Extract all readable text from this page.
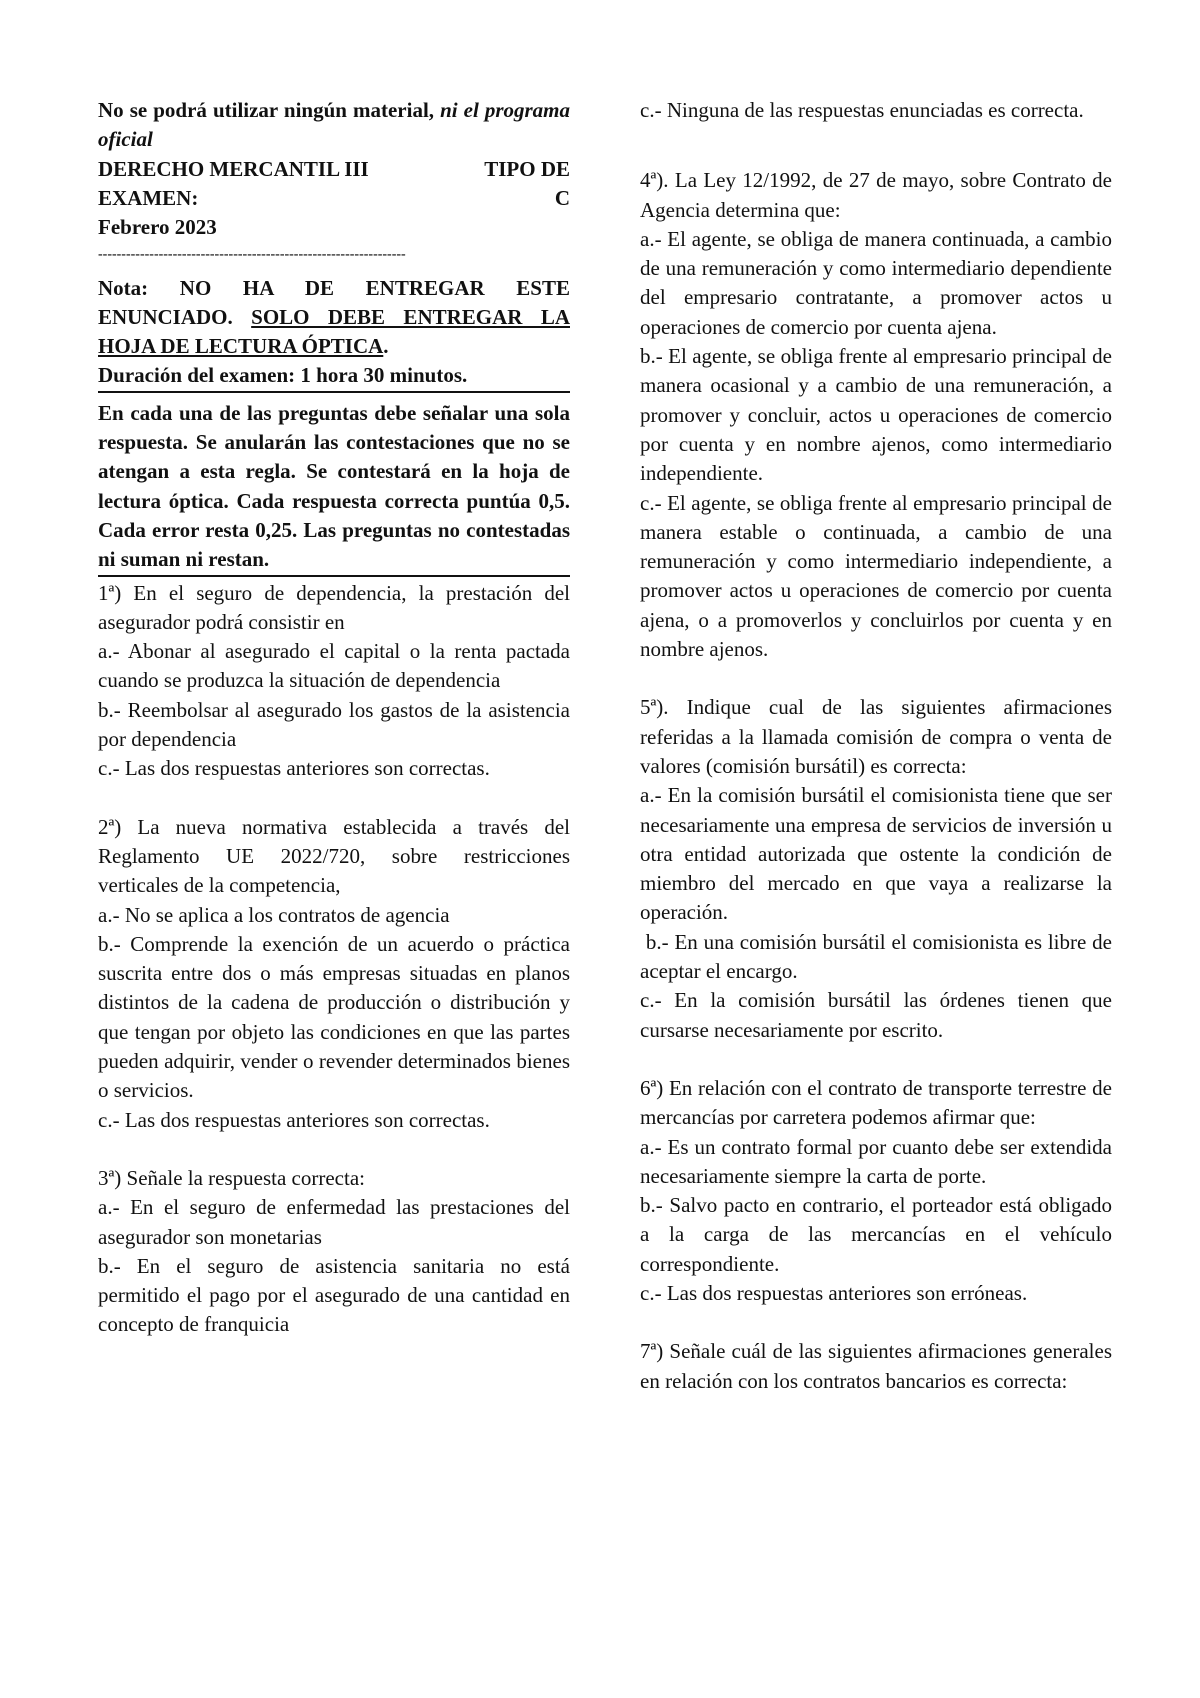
No se podrá utilizar ningún material, ni el programa oficial

DERECHO MERCANTIL III	TIPO DE
EXAMEN:	C

Febrero 2023

------------------------------------------------------------------

Nota: NO HA DE ENTREGAR ESTE ENUNCIADO. SOLO DEBE ENTREGAR LA HOJA DE LECTURA ÓPTICA.

Duración del examen: 1 hora 30 minutos.

En cada una de las preguntas debe señalar una sola respuesta. Se anularán las contestaciones que no se atengan a esta regla. Se contestará en la hoja de lectura óptica. Cada respuesta correcta puntúa 0,5. Cada error resta 0,25. Las preguntas no contestadas ni suman ni restan.

1ª) En el seguro de dependencia, la prestación del asegurador podrá consistir en

a.- Abonar al asegurado el capital o la renta pactada cuando se produzca la situación de dependencia

b.- Reembolsar al asegurado los gastos de la asistencia por dependencia

c.- Las dos respuestas anteriores son correctas.

2ª) La nueva normativa establecida a través del Reglamento UE 2022/720, sobre restricciones verticales de la competencia,

a.- No se aplica a los contratos de agencia

b.- Comprende la exención de un acuerdo o práctica suscrita entre dos o más empresas situadas en planos distintos de la cadena de producción o distribución y que tengan por objeto las condiciones en que las partes pueden adquirir, vender o revender determinados bienes o servicios.

c.- Las dos respuestas anteriores son correctas.

3ª) Señale la respuesta correcta:

a.- En el seguro de enfermedad las prestaciones del asegurador son monetarias

b.- En el seguro de asistencia sanitaria no está permitido el pago por el asegurado de una cantidad en concepto de franquicia

c.- Ninguna de las respuestas enunciadas es correcta.

4ª). La Ley 12/1992, de 27 de mayo, sobre Contrato de Agencia determina que:

a.- El agente, se obliga de manera continuada, a cambio de una remuneración y como intermediario dependiente del empresario contratante, a promover actos u operaciones de comercio por cuenta ajena.

b.- El agente, se obliga frente al empresario principal de manera ocasional y a cambio de una remuneración, a promover y concluir, actos u operaciones de comercio por cuenta y en nombre ajenos, como intermediario independiente.

c.- El agente, se obliga frente al empresario principal de manera estable o continuada, a cambio de una remuneración y como intermediario independiente, a promover actos u operaciones de comercio por cuenta ajena, o a promoverlos y concluirlos por cuenta y en nombre ajenos.

5ª). Indique cual de las siguientes afirmaciones referidas a la llamada comisión de compra o venta de valores (comisión bursátil) es correcta:

a.- En la comisión bursátil el comisionista tiene que ser necesariamente una empresa de servicios de inversión u otra entidad autorizada que ostente la condición de miembro del mercado en que vaya a realizarse la operación.

b.- En una comisión bursátil el comisionista es libre de aceptar el encargo.

c.- En la comisión bursátil las órdenes tienen que cursarse necesariamente por escrito.

6ª) En relación con el contrato de transporte terrestre de mercancías por carretera podemos afirmar que:

a.- Es un contrato formal por cuanto debe ser extendida necesariamente siempre la carta de porte.

b.- Salvo pacto en contrario, el porteador está obligado a la carga de las mercancías en el vehículo correspondiente.

c.- Las dos respuestas anteriores son erróneas.

7ª) Señale cuál de las siguientes afirmaciones generales en relación con los contratos bancarios es correcta:
